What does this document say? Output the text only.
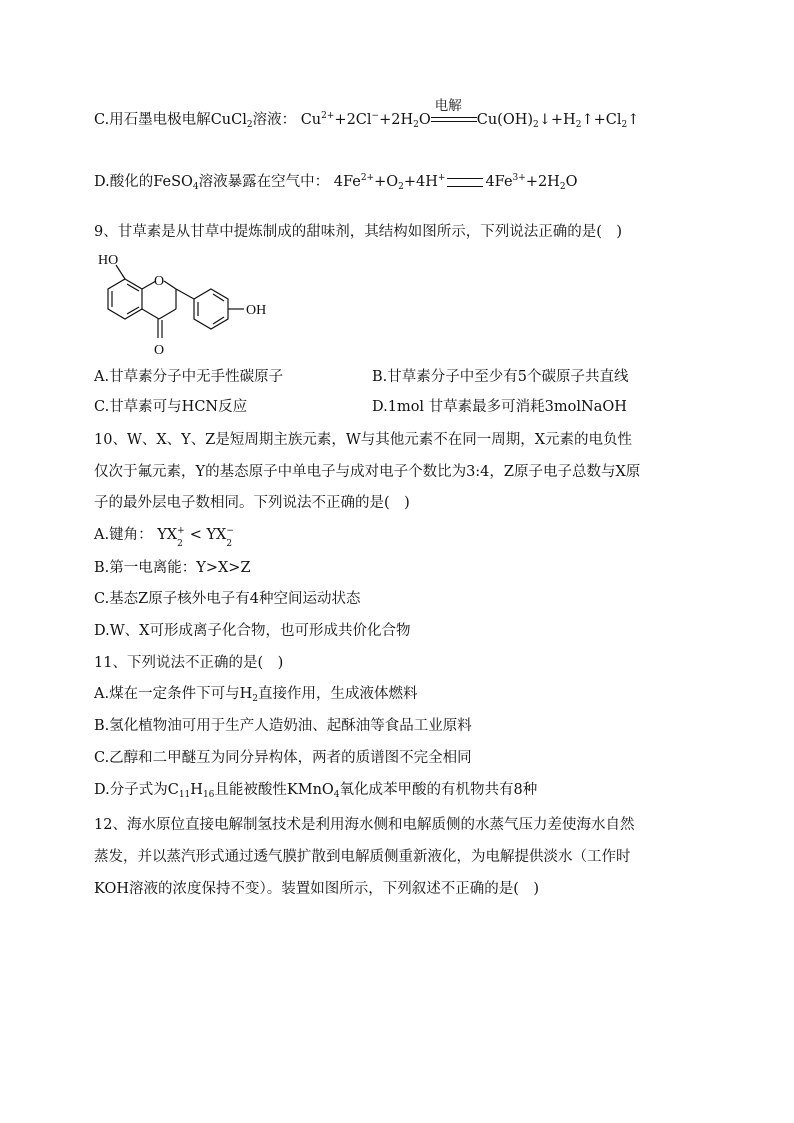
C.用石墨电极电解CuCl$_2$溶液： $Cu^{2+}+2Cl^-+2H_2O$
电解
$Cu(OH)_2↓+H_2↑+Cl_2↑$
D.酸化的FeSO$_4$溶液暴露在空气中： $4Fe^{2+}+O_2+4H^+$	$4Fe^{3+}+2H_2O$
9、甘草素是从甘草中提炼制成的甜味剂，其结构如图所示，下列说法正确的是(　)
HO
O
O
OH
A.甘草素分子中无手性碳原子	B.甘草素分子中至少有5个碳原子共直线
C.甘草素可与HCN反应	D.1mol 甘草素最多可消耗3molNaOH
10、W、X、Y、Z是短周期主族元素，W与其他元素不在同一周期，X元素的电负性
仅次于氟元素，Y的基态原子中单电子与成对电子个数比为3:4，Z原子电子总数与X原
子的最外层电子数相同。下列说法不正确的是(　)
A.键角： YX +
2
< YX −
2
B.第一电离能：Y>X>Z
C.基态Z原子核外电子有4种空间运动状态
D.W、X可形成离子化合物，也可形成共价化合物
11、下列说法不正确的是(　)
A.煤在一定条件下可与$H_2$直接作用，生成液体燃料
B.氢化植物油可用于生产人造奶油、起酥油等食品工业原料
C.乙醇和二甲醚互为同分异构体，两者的质谱图不完全相同
D.分子式为$C_{11}H_{16}$且能被酸性KMnO$_4$氧化成苯甲酸的有机物共有8种
12、海水原位直接电解制氢技术是利用海水侧和电解质侧的水蒸气压力差使海水自然
蒸发，并以蒸汽形式通过透气膜扩散到电解质侧重新液化，为电解提供淡水（工作时
KOH溶液的浓度保持不变）。装置如图所示，下列叙述不正确的是(　)
